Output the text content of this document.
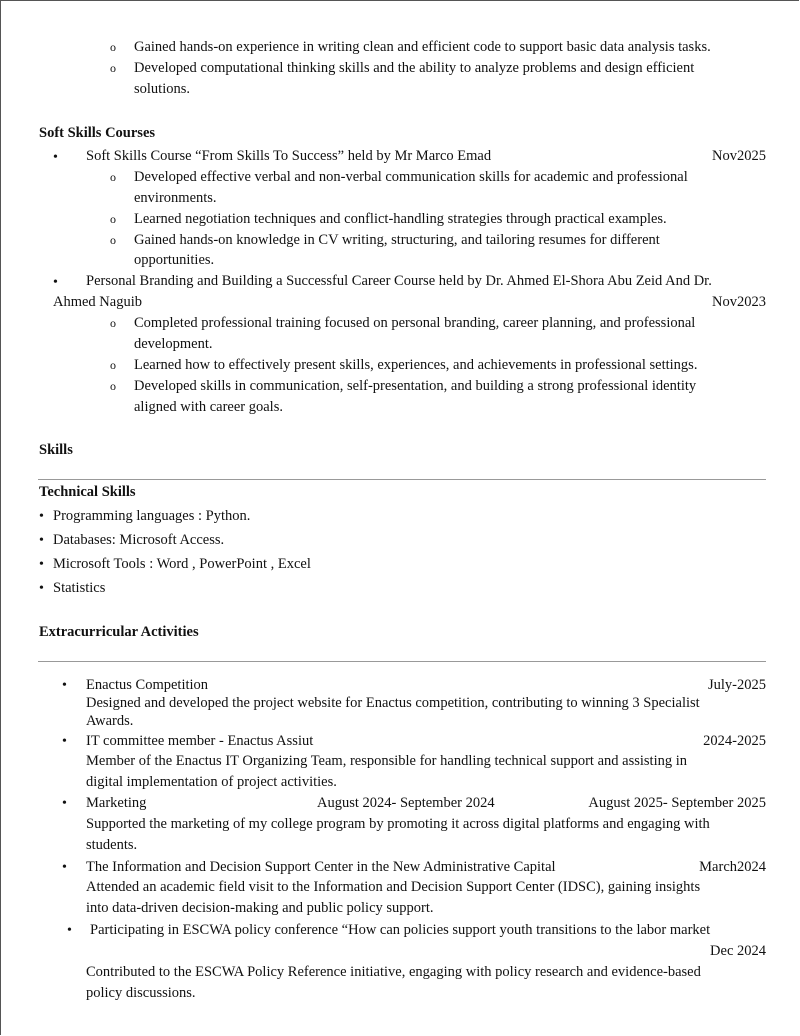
o Gained hands-on experience in writing clean and efficient code to support basic data analysis tasks.
o Developed computational thinking skills and the ability to analyze problems and design efficient
solutions.
Soft Skills Courses
• Soft Skills Course “From Skills To Success” held by Mr Marco Emad	Nov2025
o Developed effective verbal and non-verbal communication skills for academic and professional
environments.
o Learned negotiation techniques and conflict-handling strategies through practical examples.
o Gained hands-on knowledge in CV writing, structuring, and tailoring resumes for different
opportunities.
• Personal Branding and Building a Successful Career Course held by Dr. Ahmed El-Shora Abu Zeid And Dr.
Ahmed Naguib	Nov2023
o Completed professional training focused on personal branding, career planning, and professional
development.
o Learned how to effectively present skills, experiences, and achievements in professional settings.
o Developed skills in communication, self-presentation, and building a strong professional identity
aligned with career goals.
Skills
Technical Skills
• Programming languages : Python.
• Databases: Microsoft Access.
• Microsoft Tools : Word , PowerPoint , Excel
• Statistics
Extracurricular Activities
• Enactus Competition	July-2025
Designed and developed the project website for Enactus competition, contributing to winning 3 Specialist
Awards.
• IT committee member - Enactus Assiut	2024-2025
Member of the Enactus IT Organizing Team, responsible for handling technical support and assisting in
digital implementation of project activities.
• Marketing	August 2024- September 2024	August 2025- September 2025
Supported the marketing of my college program by promoting it across digital platforms and engaging with
students.
• The Information and Decision Support Center in the New Administrative Capital	March2024
Attended an academic field visit to the Information and Decision Support Center (IDSC), gaining insights
into data-driven decision-making and public policy support.
• Participating in ESCWA policy conference “How can policies support youth transitions to the labor market
Dec 2024
Contributed to the ESCWA Policy Reference initiative, engaging with policy research and evidence-based
policy discussions.
